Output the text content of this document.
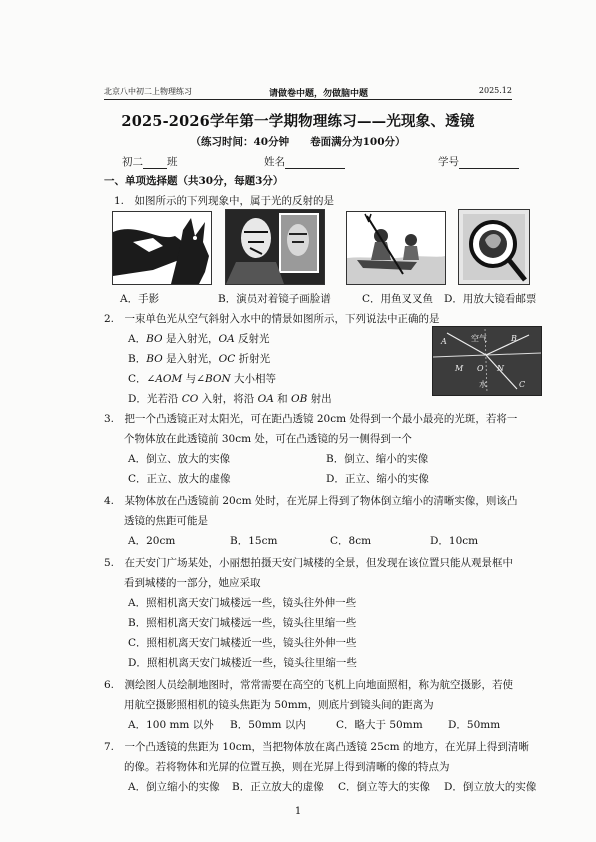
北京八中初二上物理练习	请做卷中题，勿做脑中题	2025.12
2025-2026学年第一学期物理练习——光现象、透镜
（练习时间：40分钟　　卷面满分为100分）
初二 班	姓名	学号
一、单项选择题（共30分，每题3分）
1.　如图所示的下列现象中，属于光的反射的是
A．手影	B．演员对着镜子画脸谱	C．用鱼叉叉鱼 D．用放大镜看邮票
2.　一束单色光从空气斜射入水中的情景如图所示，下列说法中正确的是
A．BO 是入射光，OA 反射光
B．BO 是入射光，OC 折射光
C．∠AOM 与∠BON 大小相等
D．光若沿 CO 入射，将沿 OA 和 OB 射出
A	空气	B
M O N
水	C
3.　把一个凸透镜正对太阳光，可在距凸透镜 20cm 处得到一个最小最亮的光斑，若将一
个物体放在此透镜前 30cm 处，可在凸透镜的另一侧得到一个
A．倒立、放大的实像	B．倒立、缩小的实像
C．正立、放大的虚像	D．正立、缩小的实像
4.　某物体放在凸透镜前 20cm 处时，在光屏上得到了物体倒立缩小的清晰实像，则该凸
透镜的焦距可能是
A．20cm	B．15cm	C．8cm	D．10cm
5.　在天安门广场某处，小丽想拍摄天安门城楼的全景，但发现在该位置只能从观景框中
看到城楼的一部分，她应采取
A．照相机离天安门城楼远一些，镜头往外伸一些
B．照相机离天安门城楼远一些，镜头往里缩一些
C．照相机离天安门城楼近一些，镜头往外伸一些
D．照相机离天安门城楼近一些，镜头往里缩一些
6.　测绘图人员绘制地图时，常常需要在高空的飞机上向地面照相，称为航空摄影，若使
用航空摄影照相机的镜头焦距为 50mm，则底片到镜头间的距离为
A．100 mm 以外 B．50mm 以内	C．略大于 50mm D．50mm
7.　一个凸透镜的焦距为 10cm，当把物体放在离凸透镜 25cm 的地方，在光屏上得到清晰
的像。若将物体和光屏的位置互换，则在光屏上得到清晰的像的特点为
A．倒立缩小的实像 B．正立放大的虚像 C．倒立等大的实像 D．倒立放大的实像
1
